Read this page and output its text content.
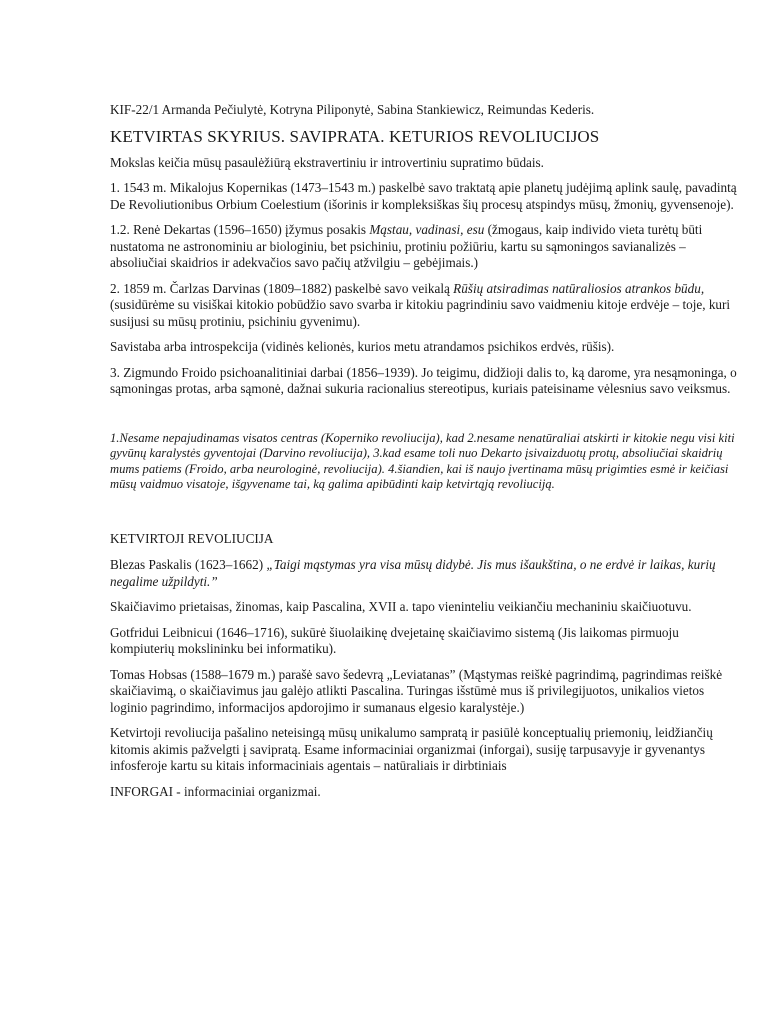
KIF-22/1 Armanda Pečiulytė, Kotryna Piliponytė, Sabina Stankiewicz, Reimundas Kederis.

KETVIRTAS SKYRIUS. SAVIPRATA. KETURIOS REVOLIUCIJOS

Mokslas keičia mūsų pasaulėžiūrą ekstravertiniu ir introvertiniu supratimo būdais.

1. 1543 m. Mikalojus Kopernikas (1473–1543 m.) paskelbė savo traktatą apie planetų judėjimą aplink saulę, pavadintą De Revoliutionibus Orbium Coelestium (išorinis ir kompleksiškas šių procesų atspindys mūsų, žmonių, gyvensenoje).

1.2. Renė Dekartas (1596–1650) įžymus posakis Mąstau, vadinasi, esu (žmogaus, kaip individo vieta turėtų būti nustatoma ne astronominiu ar biologiniu, bet psichiniu, protiniu požiūriu, kartu su sąmoningos savianalizės – absoliučiai skaidrios ir adekvačios savo pačių atžvilgiu – gebėjimais.)

2. 1859 m. Čarlzas Darvinas (1809–1882) paskelbė savo veikalą Rūšių atsiradimas natūraliosios atrankos būdu, (susidūrėme su visiškai kitokio pobūdžio savo svarba ir kitokiu pagrindiniu savo vaidmeniu kitoje erdvėje – toje, kuri susijusi su mūsų protiniu, psichiniu gyvenimu).

Savistaba arba introspekcija (vidinės kelionės, kurios metu atrandamos psichikos erdvės, rūšis).

3. Zigmundo Froido psichoanalitiniai darbai (1856–1939). Jo teigimu, didžioji dalis to, ką darome, yra nesąmoninga, o sąmoningas protas, arba sąmonė, dažnai sukuria racionalius stereotipus, kuriais pateisiname vėlesnius savo veiksmus.

1.Nesame nepajudinamas visatos centras (Koperniko revoliucija), kad 2.nesame nenatūraliai atskirti ir kitokie negu visi kiti gyvūnų karalystės gyventojai (Darvino revoliucija), 3.kad esame toli nuo Dekarto įsivaizduotų protų, absoliučiai skaidrių mums patiems (Froido, arba neurologinė, revoliucija). 4.šiandien, kai iš naujo įvertinama mūsų prigimties esmė ir keičiasi mūsų vaidmuo visatoje, išgyvename tai, ką galima apibūdinti kaip ketvirtąją revoliuciją.

KETVIRTOJI REVOLIUCIJA

Blezas Paskalis (1623–1662) „Taigi mąstymas yra visa mūsų didybė. Jis mus išaukština, o ne erdvė ir laikas, kurių negalime užpildyti.”

Skaičiavimo prietaisas, žinomas, kaip Pascalina, XVII a. tapo vieninteliu veikiančiu mechaniniu skaičiuotuvu.

Gotfridui Leibnicui (1646–1716), sukūrė šiuolaikinę dvejetainę skaičiavimo sistemą (Jis laikomas pirmuoju kompiuterių mokslininku bei informatiku).

Tomas Hobsas (1588–1679 m.) parašė savo šedevrą „Leviatanas” (Mąstymas reiškė pagrindimą, pagrindimas reiškė skaičiavimą, o skaičiavimus jau galėjo atlikti Pascalina. Turingas išstūmė mus iš privilegijuotos, unikalios vietos loginio pagrindimo, informacijos apdorojimo ir sumanaus elgesio karalystėje.)

Ketvirtoji revoliucija pašalino neteisingą mūsų unikalumo sampratą ir pasiūlė konceptualių priemonių, leidžiančių kitomis akimis pažvelgti į savipratą. Esame informaciniai organizmai (inforgai), susiję tarpusavyje ir gyvenantys infosferoje kartu su kitais informaciniais agentais – natūraliais ir dirbtiniais

INFORGAI - informaciniai organizmai.
